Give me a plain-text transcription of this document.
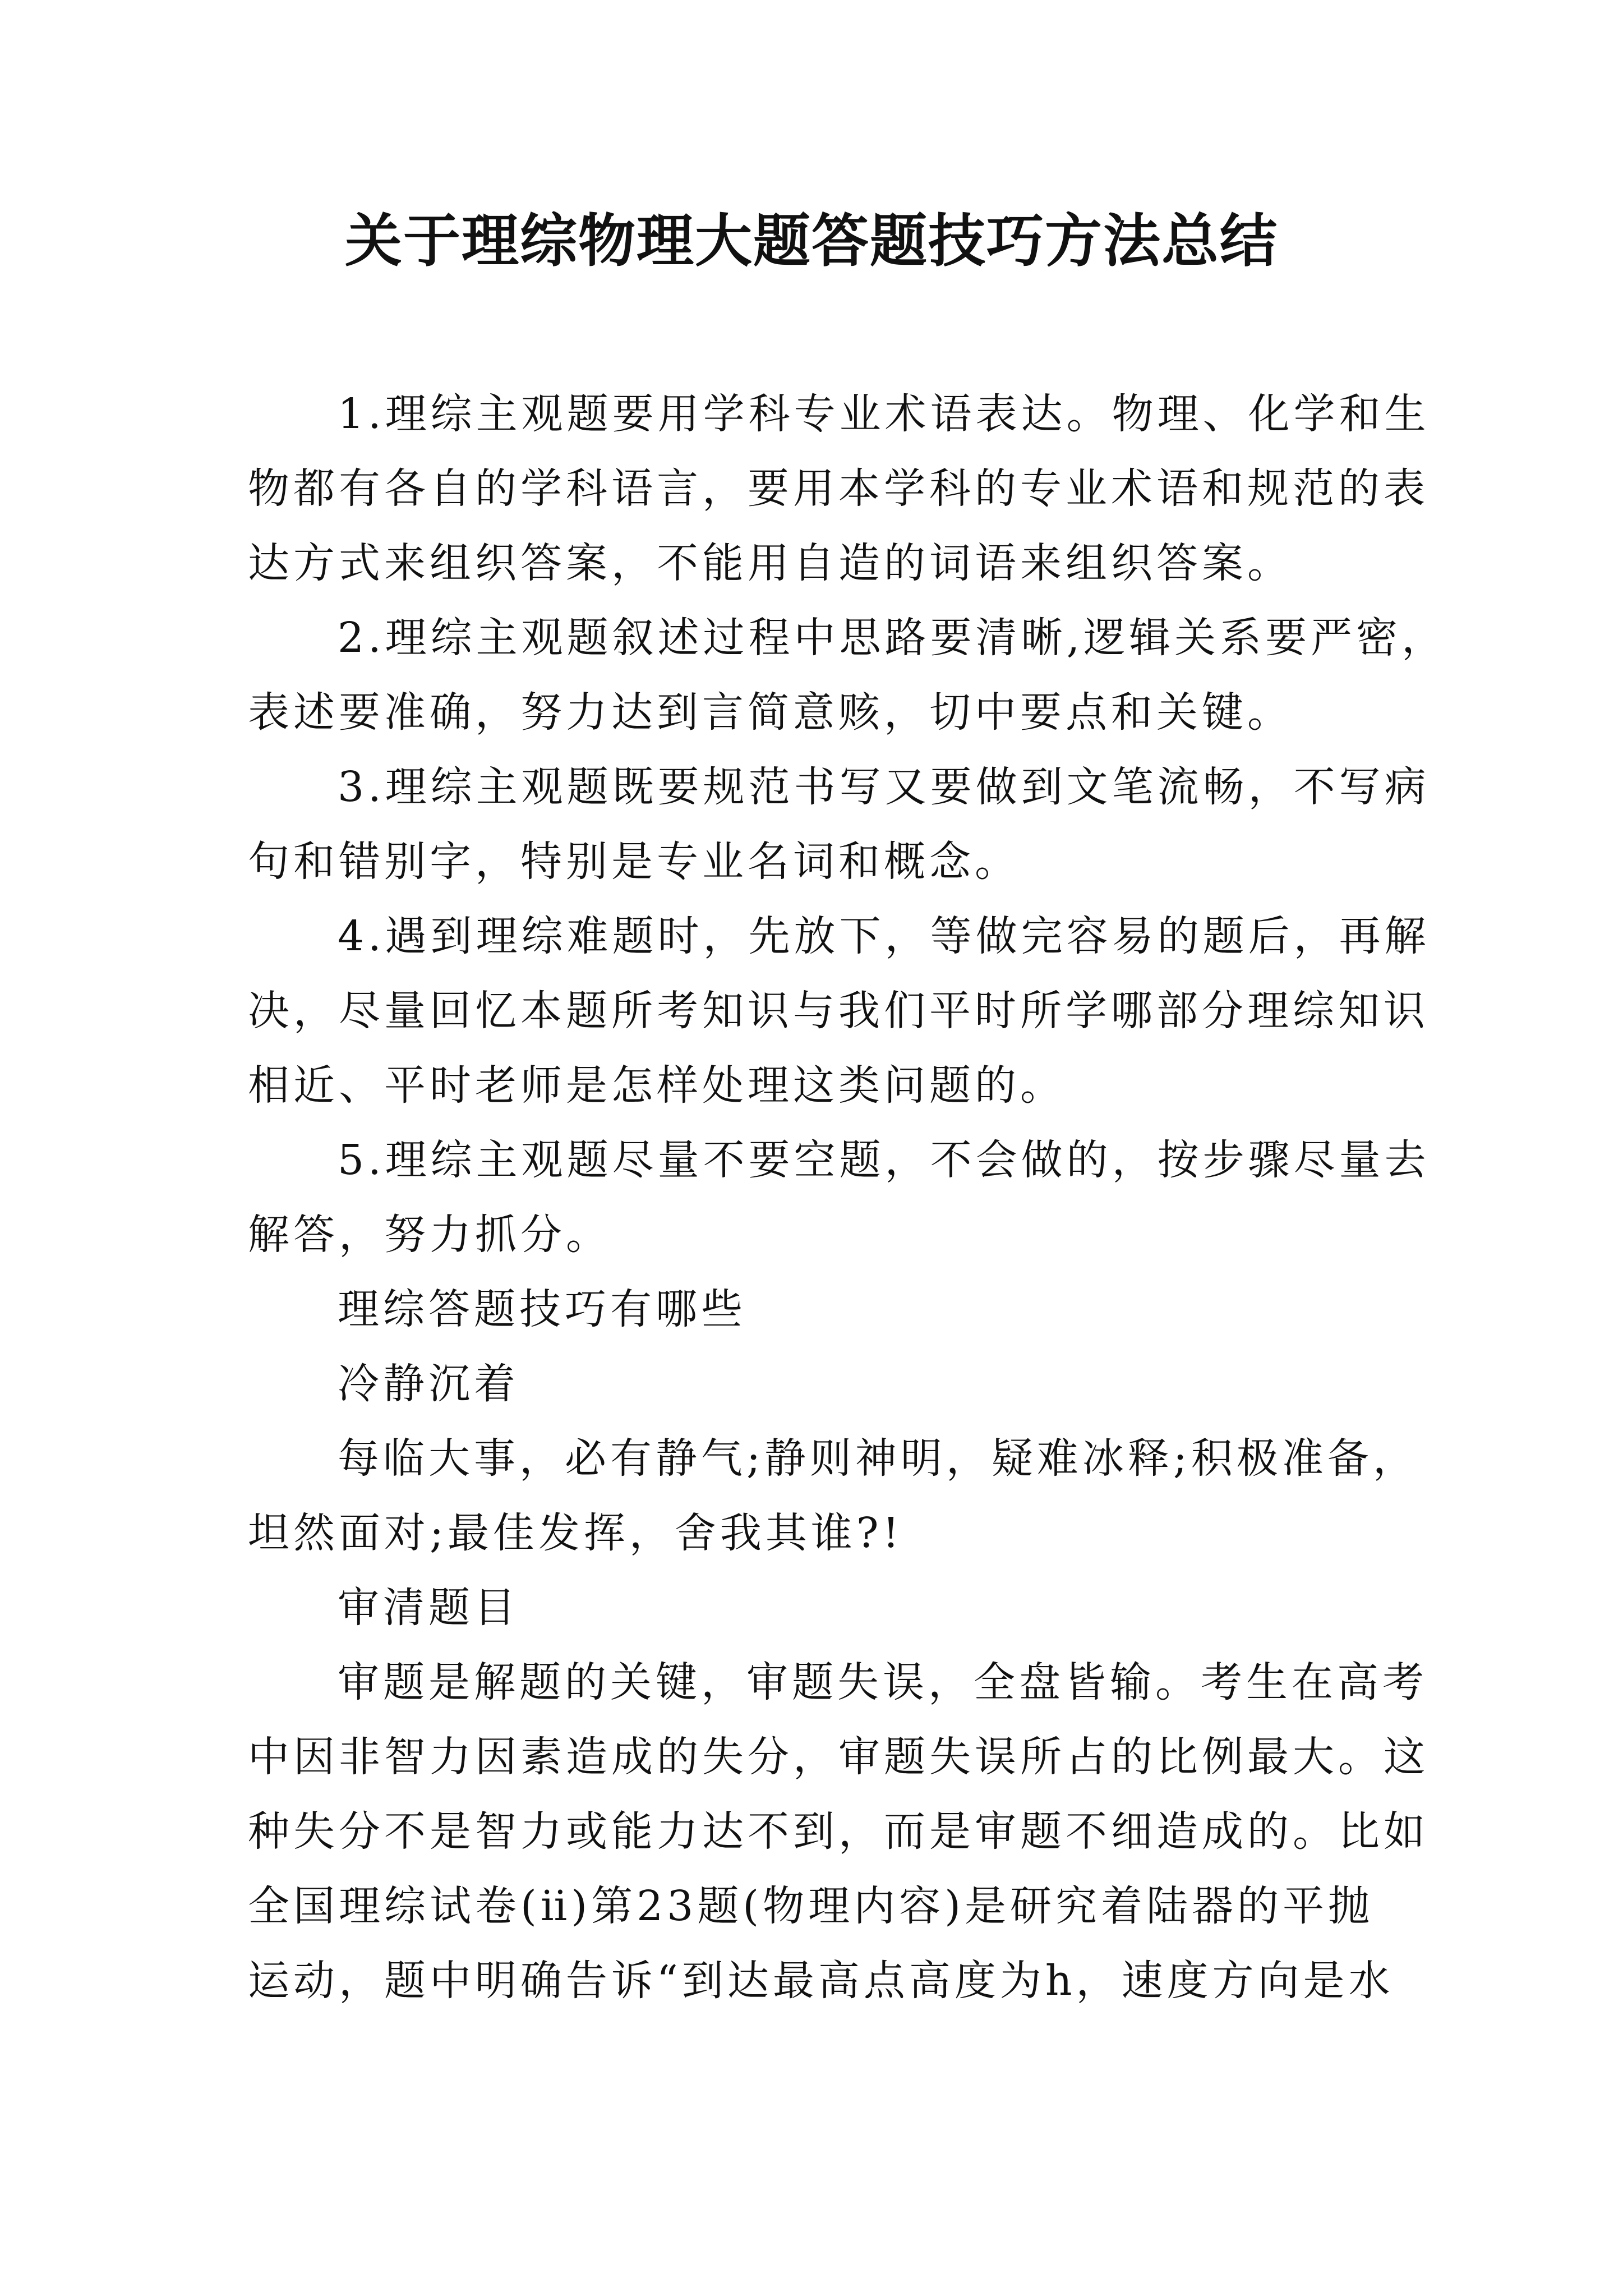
关于理综物理大题答题技巧方法总结
1.理综主观题要用学科专业术语表达。物理、化学和生
物都有各自的学科语言，要用本学科的专业术语和规范的表
达方式来组织答案，不能用自造的词语来组织答案。
2.理综主观题叙述过程中思路要清晰,逻辑关系要严密，
表述要准确，努力达到言简意赅，切中要点和关键。
3.理综主观题既要规范书写又要做到文笔流畅，不写病
句和错别字，特别是专业名词和概念。
4.遇到理综难题时，先放下，等做完容易的题后，再解
决，尽量回忆本题所考知识与我们平时所学哪部分理综知识
相近、平时老师是怎样处理这类问题的。
5.理综主观题尽量不要空题，不会做的，按步骤尽量去
解答，努力抓分。
理综答题技巧有哪些
冷静沉着
每临大事，必有静气;静则神明，疑难冰释;积极准备，
坦然面对;最佳发挥，舍我其谁?!
审清题目
审题是解题的关键，审题失误，全盘皆输。考生在高考
中因非智力因素造成的失分，审题失误所占的比例最大。这
种失分不是智力或能力达不到，而是审题不细造成的。比如
全国理综试卷(ⅱ)第23题(物理内容)是研究着陆器的平抛
运动，题中明确告诉“到达最高点高度为h，速度方向是水
